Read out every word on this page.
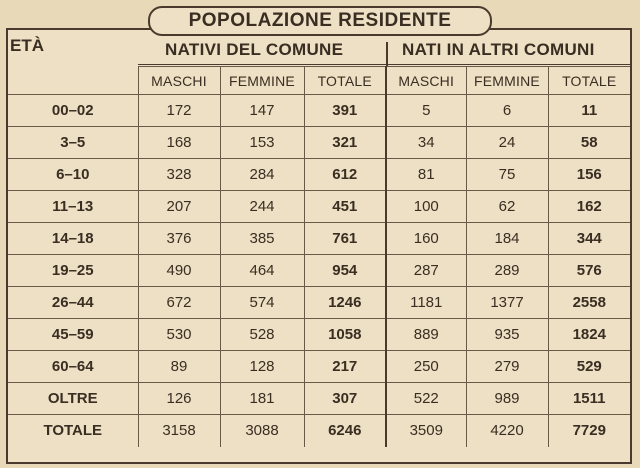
POPOLAZIONE RESIDENTE
ETÀ	NATIVI DEL COMUNE	NATI IN ALTRI COMUNI
	MASCHI	FEMMINE	TOTALE	MASCHI	FEMMINE	TOTALE
00–02	172	147	391	5	6	11
3–5	168	153	321	34	24	58
6–10	328	284	612	81	75	156
11–13	207	244	451	100	62	162
14–18	376	385	761	160	184	344
19–25	490	464	954	287	289	576
26–44	672	574	1246	1181	1377	2558
45–59	530	528	1058	889	935	1824
60–64	89	128	217	250	279	529
OLTRE	126	181	307	522	989	1511
TOTALE	3158	3088	6246	3509	4220	7729
